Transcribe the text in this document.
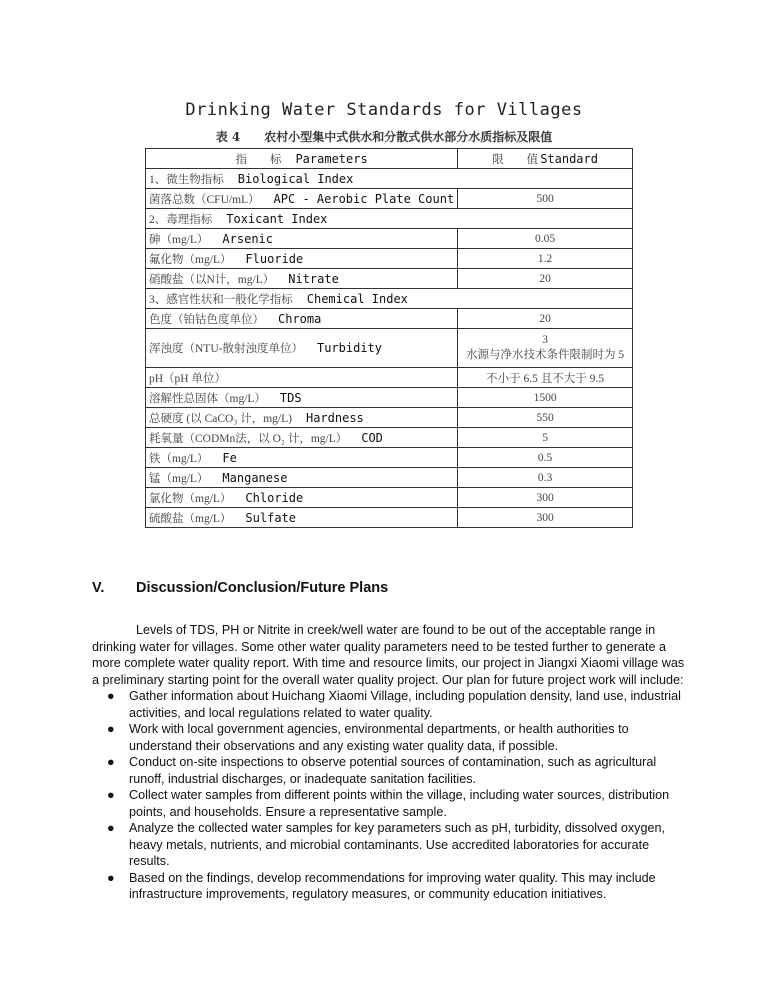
Drinking Water Standards for Villages
表 4　　农村小型集中式供水和分散式供水部分水质指标及限值
指　　标 Parameters	限　　值 Standard
1、微生物指标 Biological Index	
菌落总数（CFU/mL） APC - Aerobic Plate Count	500

2、毒理指标 Toxicant Index	
砷（mg/L） Arsenic	0.05

氟化物（mg/L） Fluoride	1.2

硝酸盐（以N计，mg/L） Nitrate	20

3、感官性状和一般化学指标 Chemical Index	
色度（铂钴色度单位） Chroma	20

浑浊度（NTU-散射浊度单位） Turbidity	3
水源与净水技术条件限制时为 5

pH（pH 单位）	不小于 6.5 且不大于 9.5

溶解性总固体（mg/L） TDS	1500

总硬度 (以 CaCO₃ 计，mg/L) Hardness	550

耗氧量（CODMn法，以 O₂ 计，mg/L） COD	5

铁（mg/L） Fe	0.5

锰（mg/L） Manganese	0.3

氯化物（mg/L） Chloride	300

硫酸盐（mg/L） Sulfate	300
V. Discussion/Conclusion/Future Plans

Levels of TDS, PH or Nitrite in creek/well water are found to be out of the acceptable range in drinking water for villages. Some other water quality parameters need to be tested further to generate a more complete water quality report. With time and resource limits, our project in Jiangxi Xiaomi village was a preliminary starting point for the overall water quality project. Our plan for future project work will include:

● Gather information about Huichang Xiaomi Village, including population density, land use, industrial activities, and local regulations related to water quality.
● Work with local government agencies, environmental departments, or health authorities to understand their observations and any existing water quality data, if possible.
● Conduct on-site inspections to observe potential sources of contamination, such as agricultural runoff, industrial discharges, or inadequate sanitation facilities.
● Collect water samples from different points within the village, including water sources, distribution points, and households. Ensure a representative sample.
● Analyze the collected water samples for key parameters such as pH, turbidity, dissolved oxygen, heavy metals, nutrients, and microbial contaminants. Use accredited laboratories for accurate results.
● Based on the findings, develop recommendations for improving water quality. This may include infrastructure improvements, regulatory measures, or community education initiatives.
